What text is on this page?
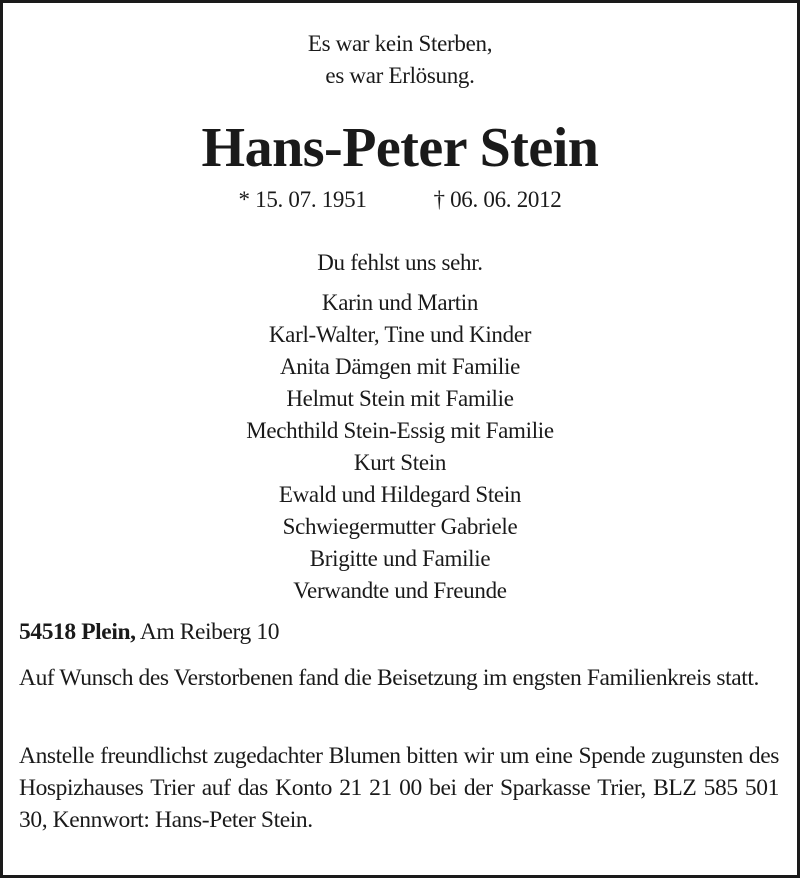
Es war kein Sterben,
es war Erlösung.
Hans-Peter Stein
* 15. 07. 1951	† 06. 06. 2012
Du fehlst uns sehr.
Karin und Martin
Karl-Walter, Tine und Kinder
Anita Dämgen mit Familie
Helmut Stein mit Familie
Mechthild Stein-Essig mit Familie
Kurt Stein
Ewald und Hildegard Stein
Schwiegermutter Gabriele
Brigitte und Familie
Verwandte und Freunde
54518 Plein, Am Reiberg 10
Auf Wunsch des Verstorbenen fand die Beisetzung im engsten Familienkreis statt.
Anstelle freundlichst zugedachter Blumen bitten wir um eine Spende zugunsten des Hospizhauses Trier auf das Konto 21 21 00 bei der Sparkasse Trier, BLZ 585 501 30, Kennwort: Hans-Peter Stein.
